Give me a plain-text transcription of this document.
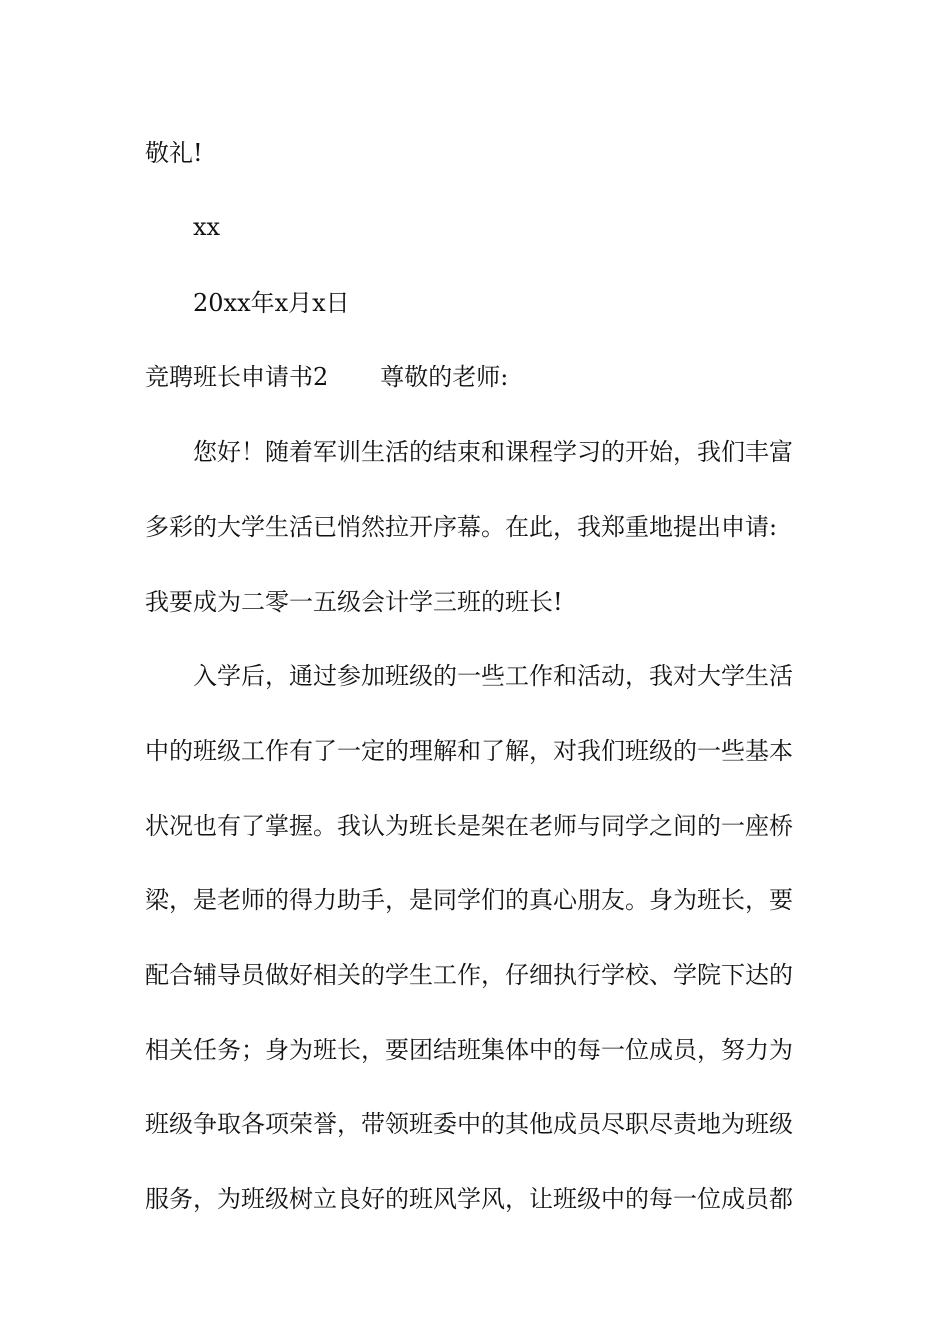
敬礼!
xx
20xx年x月x日
竞聘班长申请书2 尊敬的老师:
您好！随着军训生活的结束和课程学习的开始，我们丰富
多彩的大学生活已悄然拉开序幕。在此，我郑重地提出申请:
我要成为二零一五级会计学三班的班长!
入学后，通过参加班级的一些工作和活动，我对大学生活
中的班级工作有了一定的理解和了解，对我们班级的一些基本
状况也有了掌握。我认为班长是架在老师与同学之间的一座桥
梁，是老师的得力助手，是同学们的真心朋友。身为班长，要
配合辅导员做好相关的学生工作，仔细执行学校、学院下达的
相关任务；身为班长，要团结班集体中的每一位成员，努力为
班级争取各项荣誉，带领班委中的其他成员尽职尽责地为班级
服务，为班级树立良好的班风学风，让班级中的每一位成员都
